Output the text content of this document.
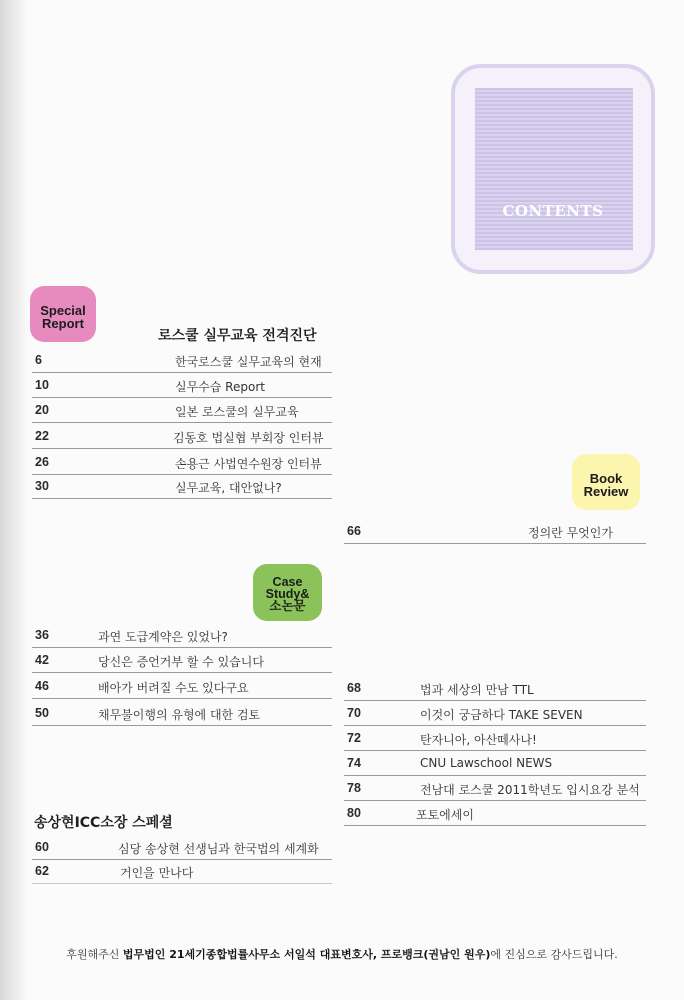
CONTENTS
Special
Report
로스쿨 실무교육 전격진단
6	한국로스쿨 실무교육의 현재
10	실무수습 Report
20	일본 로스쿨의 실무교육
22	김동호 법실협 부회장 인터뷰
26	손용근 사법연수원장 인터뷰
30	실무교육, 대안없나?
Book
Review
66	정의란 무엇인가
Case
Study&
소논문
36	과연 도급계약은 있었나?
42	당신은 증언거부 할 수 있습니다
46	배아가 버려질 수도 있다구요
50	채무불이행의 유형에 대한 검토
68	법과 세상의 만남 TTL
70	이것이 궁금하다 TAKE SEVEN
72	탄자니아, 아산떼사나!
74	CNU Lawschool NEWS
78	전남대 로스쿨 2011학년도 입시요강 분석
80	포토에세이
송상현ICC소장 스페셜
60	심당 송상현 선생님과 한국법의 세계화
62	거인을 만나다
후원해주신 법무법인 21세기종합법률사무소 서일석 대표변호사, 프로뱅크(권남인 원우)에 진심으로 감사드립니다.
